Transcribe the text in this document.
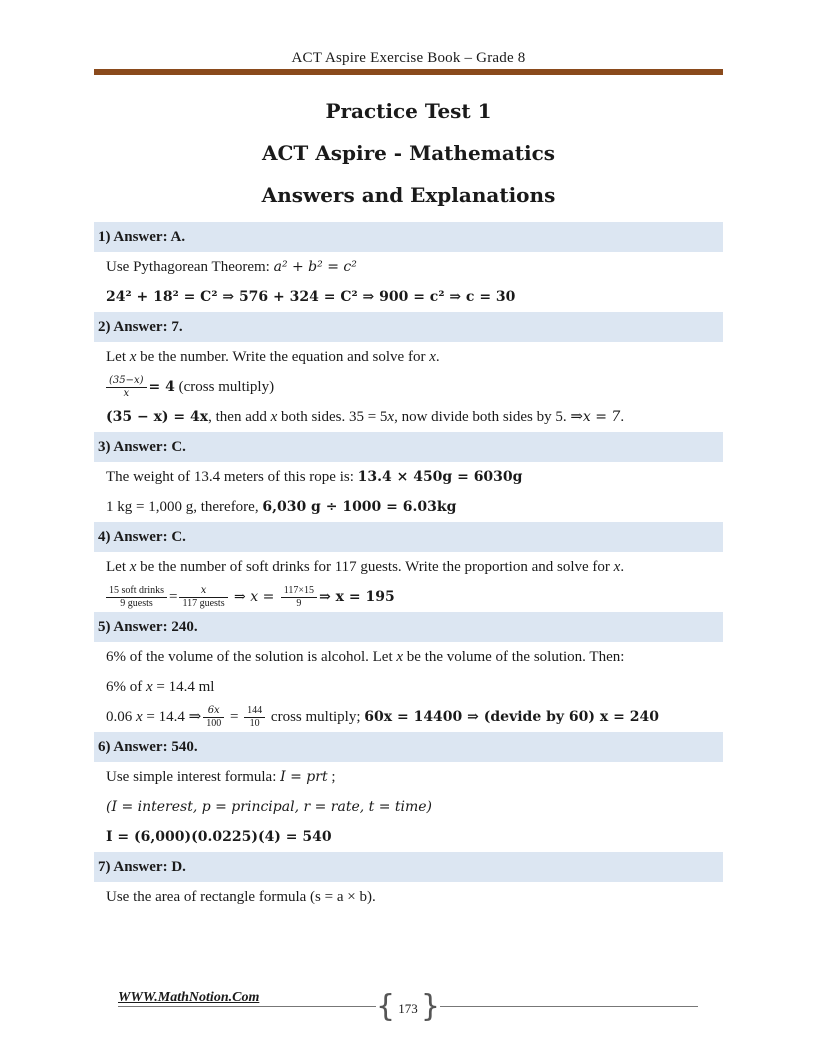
ACT Aspire Exercise Book – Grade 8
Practice Test 1
ACT Aspire - Mathematics
Answers and Explanations
1) Answer: A.
Use Pythagorean Theorem: a² + b² = c²
24² + 18² = C² ⇒ 576 + 324 = C² ⇒ 900 = c² ⇒ c = 30
2) Answer: 7.
Let x be the number. Write the equation and solve for x.
$\frac{(35-x)}{x} = 4$ (cross multiply)
(35 − x) = 4x, then add x both sides. 35 = 5x, now divide both sides by 5. ⇒x = 7.
3) Answer: C.
The weight of 13.4 meters of this rope is: 13.4 × 450g = 6030g
1 kg = 1,000 g, therefore, 6,030 g ÷ 1000 = 6.03kg
4) Answer: C.
Let x be the number of soft drinks for 117 guests. Write the proportion and solve for x.
$\frac{\text{15 soft drinks}}{\text{9 guests}} = \frac{x}{\text{117 guests}}$ ⇒ $x = \frac{117\times 15}{9}$ ⇒ x = 195
5) Answer: 240.
6% of the volume of the solution is alcohol. Let x be the volume of the solution. Then:
6% of x = 14.4 ml
0.06 x = 14.4 ⇒ $\frac{6x}{100} = \frac{144}{10}$ cross multiply; 60x = 14400 ⇒ (devide by 60) x = 240
6) Answer: 540.
Use simple interest formula: I = prt ;
(I = interest, p = principal, r = rate, t = time)
I = (6,000)(0.0225)(4) = 540
7) Answer: D.
Use the area of rectangle formula (s = a × b).
WWW.MathNotion.Com	{ 173 }
